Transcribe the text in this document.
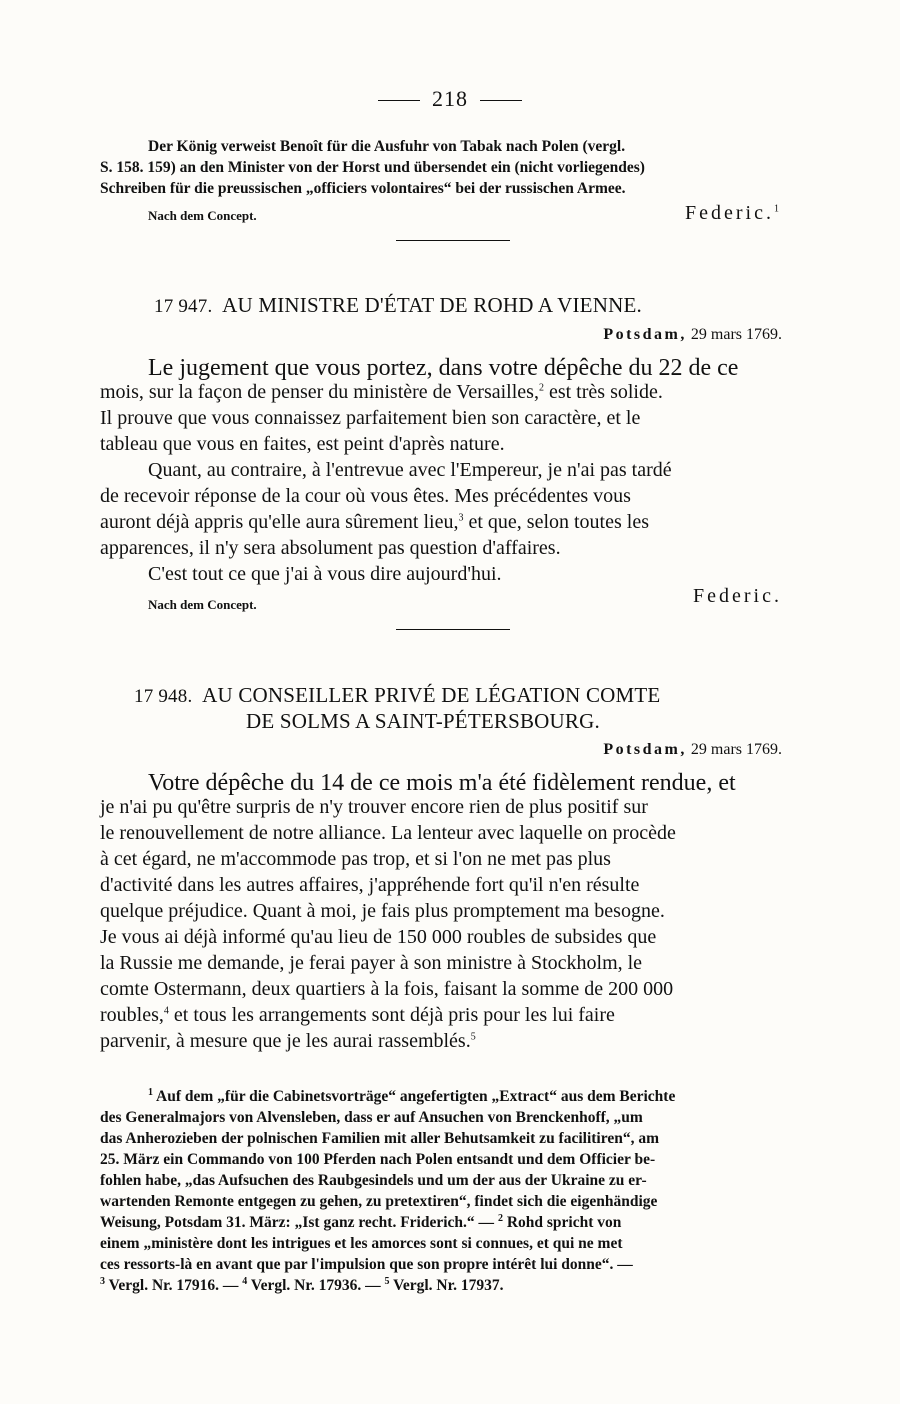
218
Der König verweist Benoît für die Ausfuhr von Tabak nach Polen (vergl.
S. 158. 159) an den Minister von der Horst und übersendet ein (nicht vorliegendes)
Schreiben für die preussischen „officiers volontaires“ bei der russischen Armee.
Nach dem Concept.	Federic.$^1$
17 947. AU MINISTRE D'ÉTAT DE ROHD A VIENNE.
Potsdam, 29 mars 1769.
Le jugement que vous portez, dans votre dépêche du 22 de ce
mois, sur la façon de penser du ministère de Versailles,$^2$ est très solide.
Il prouve que vous connaissez parfaitement bien son caractère, et le
tableau que vous en faites, est peint d'après nature.
Quant, au contraire, à l'entrevue avec l'Empereur, je n'ai pas tardé
de recevoir réponse de la cour où vous êtes. Mes précédentes vous
auront déjà appris qu'elle aura sûrement lieu,$^3$ et que, selon toutes les
apparences, il n'y sera absolument pas question d'affaires.
C'est tout ce que j'ai à vous dire aujourd'hui.
Nach dem Concept.	Federic.
17 948. AU CONSEILLER PRIVÉ DE LÉGATION COMTE
DE SOLMS A SAINT-PÉTERSBOURG.
Potsdam, 29 mars 1769.
Votre dépêche du 14 de ce mois m'a été fidèlement rendue, et
je n'ai pu qu'être surpris de n'y trouver encore rien de plus positif sur
le renouvellement de notre alliance. La lenteur avec laquelle on procède
à cet égard, ne m'accommode pas trop, et si l'on ne met pas plus
d'activité dans les autres affaires, j'appréhende fort qu'il n'en résulte
quelque préjudice. Quant à moi, je fais plus promptement ma besogne.
Je vous ai déjà informé qu'au lieu de 150 000 roubles de subsides que
la Russie me demande, je ferai payer à son ministre à Stockholm, le
comte Ostermann, deux quartiers à la fois, faisant la somme de 200 000
roubles,$^4$ et tous les arrangements sont déjà pris pour les lui faire
parvenir, à mesure que je les aurai rassemblés.$^5$
$^1$ Auf dem „für die Cabinetsvorträge“ angefertigten „Extract“ aus dem Berichte
des Generalmajors von Alvensleben, dass er auf Ansuchen von Brenckenhoff, „um
das Anherozieben der polnischen Familien mit aller Behutsamkeit zu facilitiren“, am
25. März ein Commando von 100 Pferden nach Polen entsandt und dem Officier be-
fohlen habe, „das Aufsuchen des Raubgesindels und um der aus der Ukraine zu er-
wartenden Remonte entgegen zu gehen, zu pretextiren“, findet sich die eigenhändige
Weisung, Potsdam 31. März: „Ist ganz recht. Friderich.“ — $^2$ Rohd spricht von
einem „ministère dont les intrigues et les amorces sont si connues, et qui ne met
ces ressorts-là en avant que par l'impulsion que son propre intérêt lui donne“. —
$^3$ Vergl. Nr. 17916. — $^4$ Vergl. Nr. 17936. — $^5$ Vergl. Nr. 17937.
